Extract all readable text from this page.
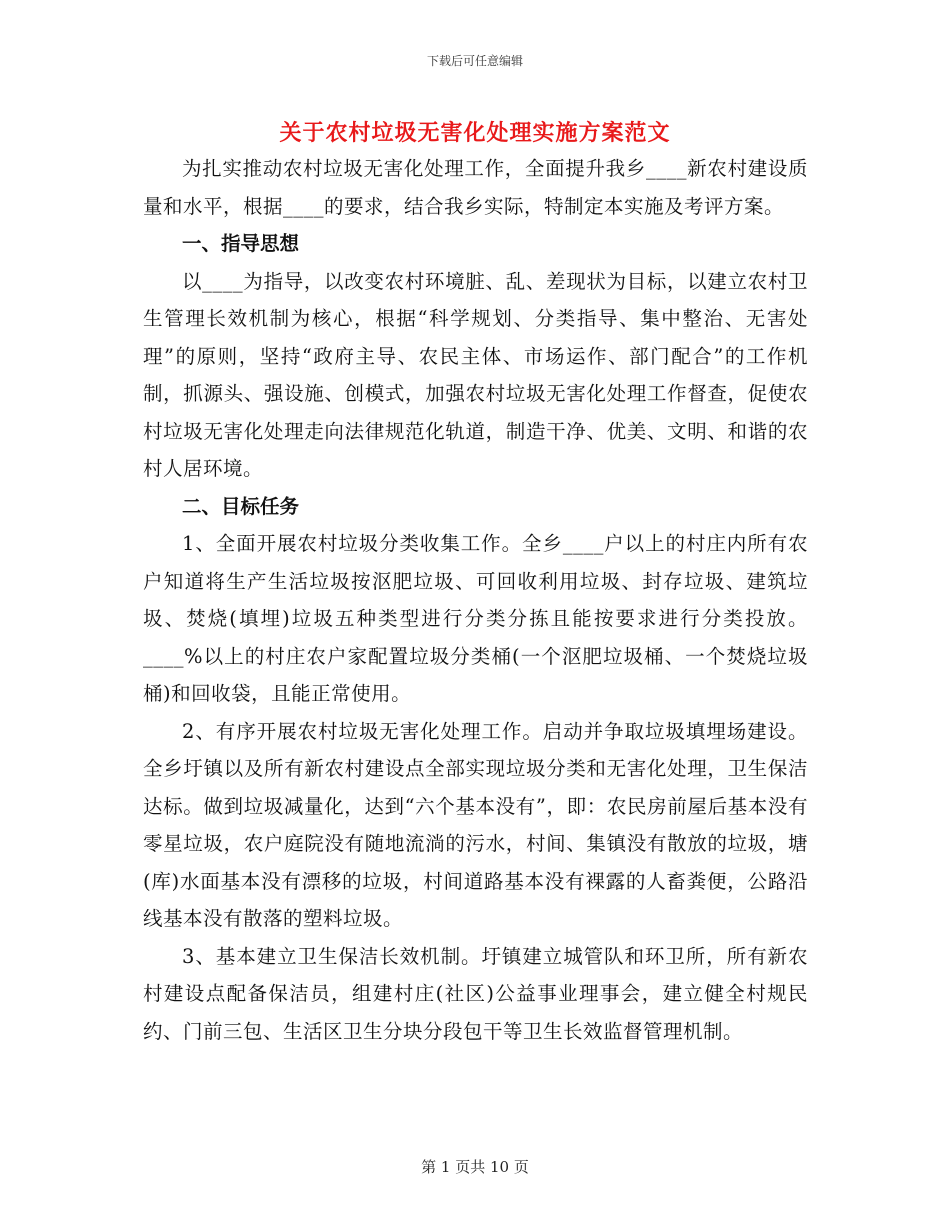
下载后可任意编辑
关于农村垃圾无害化处理实施方案范文

为扎实推动农村垃圾无害化处理工作，全面提升我乡____新农村建设质量和水平，根据____的要求，结合我乡实际，特制定本实施及考评方案。

一、指导思想

以____为指导，以改变农村环境脏、乱、差现状为目标，以建立农村卫生管理长效机制为核心，根据“科学规划、分类指导、集中整治、无害处理”的原则，坚持“政府主导、农民主体、市场运作、部门配合”的工作机制，抓源头、强设施、创模式，加强农村垃圾无害化处理工作督查，促使农村垃圾无害化处理走向法律规范化轨道，制造干净、优美、文明、和谐的农村人居环境。

二、目标任务

1、全面开展农村垃圾分类收集工作。全乡____户以上的村庄内所有农户知道将生产生活垃圾按沤肥垃圾、可回收利用垃圾、封存垃圾、建筑垃圾、焚烧(填埋)垃圾五种类型进行分类分拣且能按要求进行分类投放。____%以上的村庄农户家配置垃圾分类桶(一个沤肥垃圾桶、一个焚烧垃圾桶)和回收袋，且能正常使用。

2、有序开展农村垃圾无害化处理工作。启动并争取垃圾填埋场建设。全乡圩镇以及所有新农村建设点全部实现垃圾分类和无害化处理，卫生保洁达标。做到垃圾减量化，达到“六个基本没有”，即：农民房前屋后基本没有零星垃圾，农户庭院没有随地流淌的污水，村间、集镇没有散放的垃圾，塘(库)水面基本没有漂移的垃圾，村间道路基本没有裸露的人畜粪便，公路沿线基本没有散落的塑料垃圾。

3、基本建立卫生保洁长效机制。圩镇建立城管队和环卫所，所有新农村建设点配备保洁员，组建村庄(社区)公益事业理事会，建立健全村规民约、门前三包、生活区卫生分块分段包干等卫生长效监督管理机制。

第 1 页共 10 页
